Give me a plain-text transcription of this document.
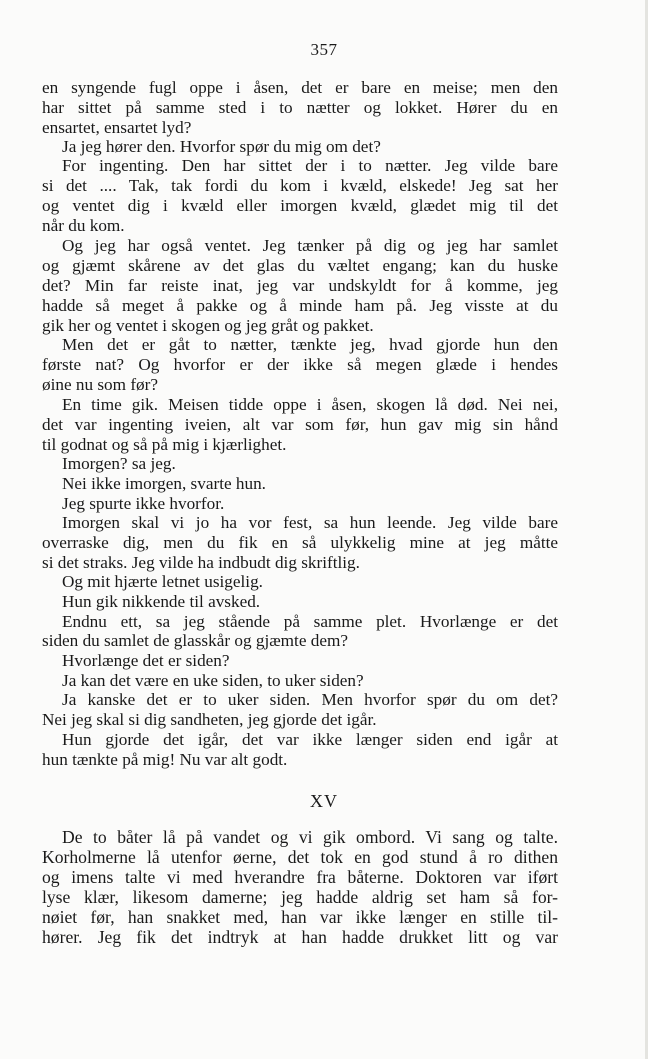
357
en syngende fugl oppe i åsen, det er bare en meise; men den
har sittet på samme sted i to nætter og lokket. Hører du en
ensartet, ensartet lyd?
Ja jeg hører den. Hvorfor spør du mig om det?
For ingenting. Den har sittet der i to nætter. Jeg vilde bare
si det .... Tak, tak fordi du kom i kvæld, elskede! Jeg sat her
og ventet dig i kvæld eller imorgen kvæld, glædet mig til det
når du kom.
Og jeg har også ventet. Jeg tænker på dig og jeg har samlet
og gjæmt skårene av det glas du væltet engang; kan du huske
det? Min far reiste inat, jeg var undskyldt for å komme, jeg
hadde så meget å pakke og å minde ham på. Jeg visste at du
gik her og ventet i skogen og jeg gråt og pakket.
Men det er gåt to nætter, tænkte jeg, hvad gjorde hun den
første nat? Og hvorfor er der ikke så megen glæde i hendes
øine nu som før?
En time gik. Meisen tidde oppe i åsen, skogen lå død. Nei nei,
det var ingenting iveien, alt var som før, hun gav mig sin hånd
til godnat og så på mig i kjærlighet.
Imorgen? sa jeg.
Nei ikke imorgen, svarte hun.
Jeg spurte ikke hvorfor.
Imorgen skal vi jo ha vor fest, sa hun leende. Jeg vilde bare
overraske dig, men du fik en så ulykkelig mine at jeg måtte
si det straks. Jeg vilde ha indbudt dig skriftlig.
Og mit hjærte letnet usigelig.
Hun gik nikkende til avsked.
Endnu ett, sa jeg stående på samme plet. Hvorlænge er det
siden du samlet de glasskår og gjæmte dem?
Hvorlænge det er siden?
Ja kan det være en uke siden, to uker siden?
Ja kanske det er to uker siden. Men hvorfor spør du om det?
Nei jeg skal si dig sandheten, jeg gjorde det igår.
Hun gjorde det igår, det var ikke længer siden end igår at
hun tænkte på mig! Nu var alt godt.
XV
De to båter lå på vandet og vi gik ombord. Vi sang og talte.
Korholmerne lå utenfor øerne, det tok en god stund å ro dithen
og imens talte vi med hverandre fra båterne. Doktoren var iført
lyse klær, likesom damerne; jeg hadde aldrig set ham så for-
nøiet før, han snakket med, han var ikke længer en stille til-
hører. Jeg fik det indtryk at han hadde drukket litt og var
